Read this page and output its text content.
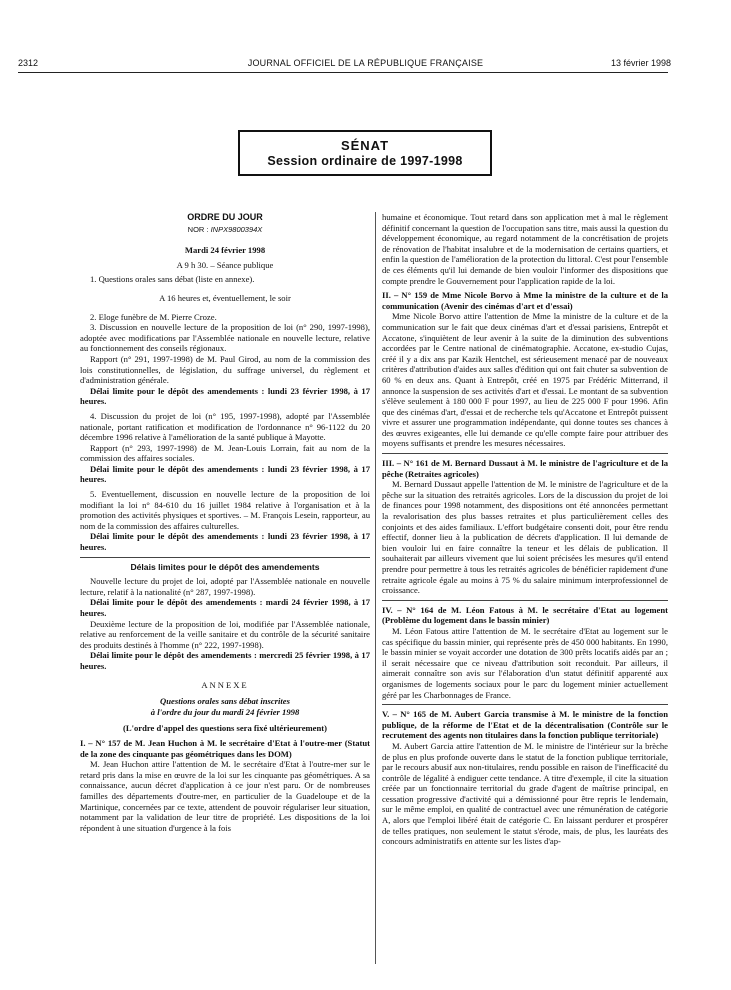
2312	JOURNAL OFFICIEL DE LA RÉPUBLIQUE FRANÇAISE	13 février 1998
SÉNAT
Session ordinaire de 1997-1998
ORDRE DU JOUR
NOR : INPX9800394X

Mardi 24 février 1998

A 9 h 30. – Séance publique

1. Questions orales sans débat (liste en annexe).

A 16 heures et, éventuellement, le soir

2. Eloge funèbre de M. Pierre Croze.

3. Discussion en nouvelle lecture de la proposition de loi (n° 290, 1997-1998), adoptée avec modifications par l'Assemblée nationale en nouvelle lecture, relative au fonctionnement des conseils régionaux.

Rapport (n° 291, 1997-1998) de M. Paul Girod, au nom de la commission des lois constitutionnelles, de législation, du suffrage universel, du règlement et d'administration générale.

Délai limite pour le dépôt des amendements : lundi 23 février 1998, à 17 heures.

4. Discussion du projet de loi (n° 195, 1997-1998), adopté par l'Assemblée nationale, portant ratification et modification de l'ordonnance n° 96-1122 du 20 décembre 1996 relative à l'amélioration de la santé publique à Mayotte.

Rapport (n° 293, 1997-1998) de M. Jean-Louis Lorrain, fait au nom de la commission des affaires sociales.

Délai limite pour le dépôt des amendements : lundi 23 février 1998, à 17 heures.

5. Eventuellement, discussion en nouvelle lecture de la proposition de loi modifiant la loi n° 84-610 du 16 juillet 1984 relative à l'organisation et à la promotion des activités physiques et sportives. – M. François Lesein, rapporteur, au nom de la commission des affaires culturelles.

Délai limite pour le dépôt des amendements : lundi 23 février 1998, à 17 heures.

Délais limites pour le dépôt des amendements

Nouvelle lecture du projet de loi, adopté par l'Assemblée nationale en nouvelle lecture, relatif à la nationalité (n° 287, 1997-1998).

Délai limite pour le dépôt des amendements : mardi 24 février 1998, à 17 heures.

Deuxième lecture de la proposition de loi, modifiée par l'Assemblée nationale, relative au renforcement de la veille sanitaire et du contrôle de la sécurité sanitaire des produits destinés à l'homme (n° 222, 1997-1998).

Délai limite pour le dépôt des amendements : mercredi 25 février 1998, à 17 heures.

ANNEXE

Questions orales sans débat inscrites

à l'ordre du jour du mardi 24 février 1998

(L'ordre d'appel des questions sera fixé ultérieurement)

I. – N° 157 de M. Jean Huchon à M. le secrétaire d'Etat à l'outre-mer (Statut de la zone des cinquante pas géométriques dans les DOM)

M. Jean Huchon attire l'attention de M. le secrétaire d'Etat à l'outre-mer sur le retard pris dans la mise en œuvre de la loi sur les cinquante pas géométriques. A sa connaissance, aucun décret d'application à ce jour n'est paru. Or de nombreuses familles des départements d'outre-mer, en particulier de la Guadeloupe et de la Martinique, concernées par ce texte, attendent de pouvoir régulariser leur situation, notamment par la validation de leur titre de propriété. Les dispositions de la loi répondent à une situation d'urgence à la fois

humaine et économique. Tout retard dans son application met à mal le règlement définitif concernant la question de l'occupation sans titre, mais aussi la question du développement économique, au regard notamment de la concrétisation de projets de rénovation de l'habitat insalubre et de la modernisation de certains quartiers, et enfin la question de l'amélioration de la protection du littoral. C'est pour l'ensemble de ces éléments qu'il lui demande de bien vouloir l'informer des dispositions que compte prendre le Gouvernement pour l'application rapide de la loi.

II. – N° 159 de Mme Nicole Borvo à Mme la ministre de la culture et de la communication (Avenir des cinémas d'art et d'essai)

Mme Nicole Borvo attire l'attention de Mme la ministre de la culture et de la communication sur le fait que deux cinémas d'art et d'essai parisiens, Entrepôt et Accatone, s'inquiètent de leur avenir à la suite de la diminution des subventions accordées par le Centre national de cinématographie. Accatone, ex-studio Cujas, créé il y a dix ans par Kazik Hentchel, est sérieusement menacé par de nouveaux critères d'attribution d'aides aux salles d'édition qui ont fait chuter sa subvention de 60 % en deux ans. Quant à Entrepôt, créé en 1975 par Frédéric Mitterrand, il annonce la suspension de ses activités d'art et d'essai. Le montant de sa subvention s'élève seulement à 180 000 F pour 1997, au lieu de 225 000 F pour 1996. Afin que des cinémas d'art, d'essai et de recherche tels qu'Accatone et Entrepôt puissent vivre et assurer une programmation indépendante, qui donne toutes ses chances à des œuvres exigeantes, elle lui demande ce qu'elle compte faire pour attribuer des moyens suffisants et prendre les mesures nécessaires.

III. – N° 161 de M. Bernard Dussaut à M. le ministre de l'agriculture et de la pêche (Retraites agricoles)

M. Bernard Dussaut appelle l'attention de M. le ministre de l'agriculture et de la pêche sur la situation des retraités agricoles. Lors de la discussion du projet de loi de finances pour 1998 notamment, des dispositions ont été annoncées permettant la revalorisation des plus basses retraites et plus particulièrement celles des conjoints et des aides familiaux. L'effort budgétaire consenti doit, pour être rendu effectif, donner lieu à la publication de décrets d'application. Il lui demande de bien vouloir lui en faire connaître la teneur et les délais de publication. Il souhaiterait par ailleurs vivement que lui soient précisées les mesures qu'il entend prendre pour permettre à tous les retraités agricoles de bénéficier rapidement d'une retraite agricole égale au moins à 75 % du salaire minimum interprofessionnel de croissance.

IV. – N° 164 de M. Léon Fatous à M. le secrétaire d'Etat au logement (Problème du logement dans le bassin minier)

M. Léon Fatous attire l'attention de M. le secrétaire d'Etat au logement sur le cas spécifique du bassin minier, qui représente près de 450 000 habitants. En 1990, le bassin minier se voyait accorder une dotation de 300 prêts locatifs aidés par an ; il serait nécessaire que ce niveau d'attribution soit reconduit. Par ailleurs, il aimerait connaître son avis sur l'élaboration d'un statut définitif apparenté aux organismes de logements sociaux pour le parc du logement minier actuellement géré par les Charbonnages de France.

V. – N° 165 de M. Aubert Garcia transmise à M. le ministre de la fonction publique, de la réforme de l'Etat et de la décentralisation (Contrôle sur le recrutement des agents non titulaires dans la fonction publique territoriale)

M. Aubert Garcia attire l'attention de M. le ministre de l'intérieur sur la brèche de plus en plus profonde ouverte dans le statut de la fonction publique territoriale, par le recours abusif aux non-titulaires, rendu possible en raison de l'inefficacité du contrôle de légalité à endiguer cette tendance. A titre d'exemple, il cite la situation créée par un fonctionnaire territorial du grade d'agent de maîtrise principal, en cessation progressive d'activité qui a démissionné pour être repris le lendemain, sur le même emploi, en qualité de contractuel avec une rémunération de catégorie A, alors que l'emploi libéré était de catégorie C. En laissant perdurer et prospérer de telles pratiques, non seulement le statut s'érode, mais, de plus, les lauréats des concours administratifs en attente sur les listes d'ap-
